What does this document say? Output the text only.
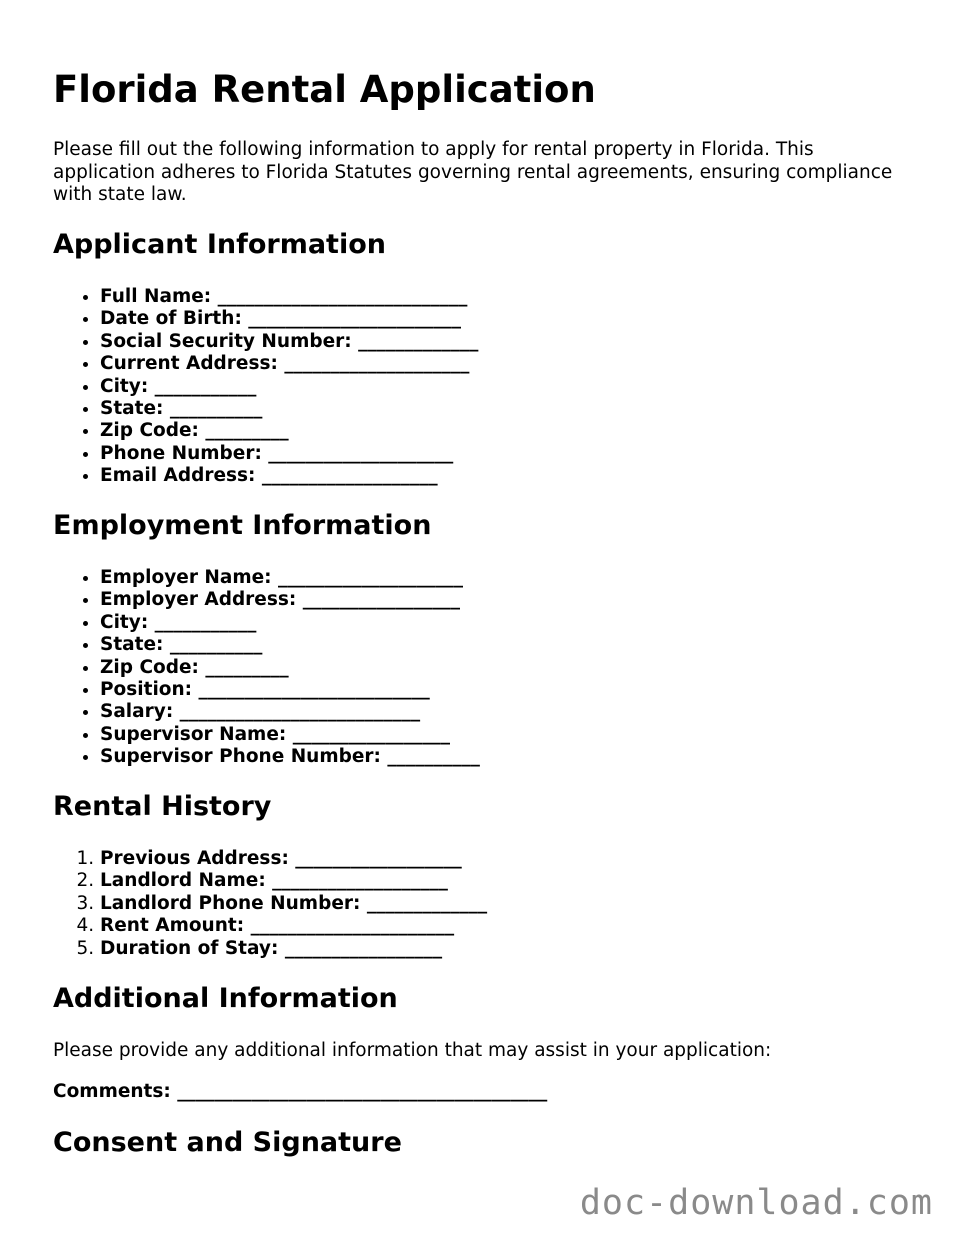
Florida Rental Application

Please fill out the following information to apply for rental property in Florida. This application adheres to Florida Statutes governing rental agreements, ensuring compliance with state law.

Applicant Information
• Full Name: ___________________________
• Date of Birth: _______________________
• Social Security Number: _____________
• Current Address: ____________________
• City: ___________
• State: __________
• Zip Code: _________
• Phone Number: ____________________
• Email Address: ___________________
Employment Information
• Employer Name: ____________________
• Employer Address: _________________
• City: ___________
• State: __________
• Zip Code: _________
• Position: _________________________
• Salary: __________________________
• Supervisor Name: _________________
• Supervisor Phone Number: __________
Rental History
1. Previous Address: __________________
2. Landlord Name: ___________________
3. Landlord Phone Number: _____________
4. Rent Amount: ______________________
5. Duration of Stay: _________________
Additional Information

Please provide any additional information that may assist in your application:

Comments: ________________________________________

Consent and Signature
doc-download.com
